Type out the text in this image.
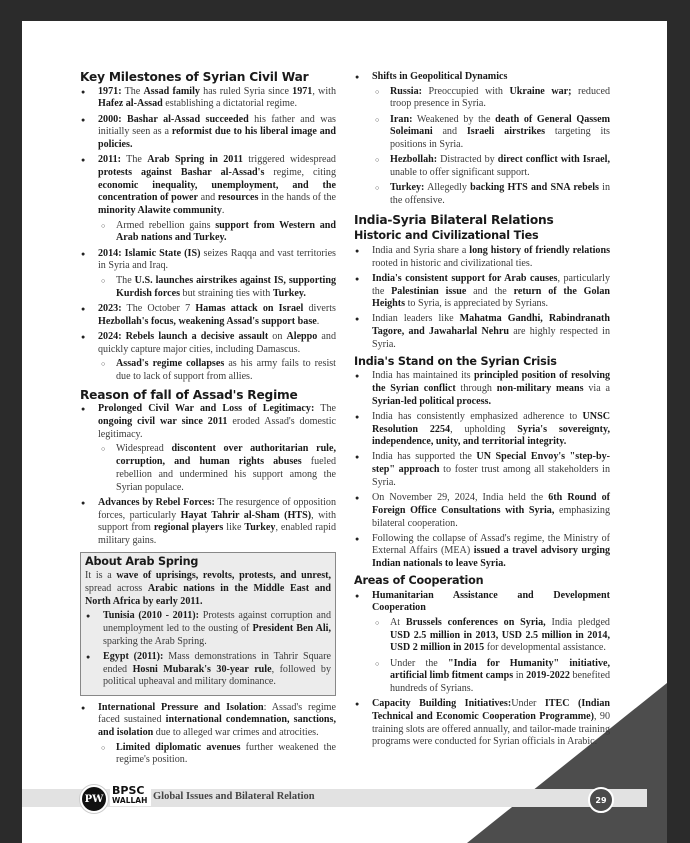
Key Milestones of Syrian Civil War
● 1971: The Assad family has ruled Syria since 1971, with Hafez al-Assad establishing a dictatorial regime.
● 2000: Bashar al-Assad succeeded his father and was initially seen as a reformist due to his liberal image and policies.
● 2011: The Arab Spring in 2011 triggered widespread protests against Bashar al-Assad's regime, citing economic inequality, unemployment, and the concentration of power and resources in the hands of the minority Alawite community.
○ Armed rebellion gains support from Western and Arab nations and Turkey.
● 2014: Islamic State (IS) seizes Raqqa and vast territories in Syria and Iraq.
○ The U.S. launches airstrikes against IS, supporting Kurdish forces but straining ties with Turkey.
● 2023: The October 7 Hamas attack on Israel diverts Hezbollah's focus, weakening Assad's support base.
● 2024: Rebels launch a decisive assault on Aleppo and quickly capture major cities, including Damascus.
○ Assad's regime collapses as his army fails to resist due to lack of support from allies.
Reason of fall of Assad's Regime
● Prolonged Civil War and Loss of Legitimacy: The ongoing civil war since 2011 eroded Assad's domestic legitimacy.
○ Widespread discontent over authoritarian rule, corruption, and human rights abuses fueled rebellion and undermined his support among the Syrian populace.
● Advances by Rebel Forces: The resurgence of opposition forces, particularly Hayat Tahrir al-Sham (HTS), with support from regional players like Turkey, enabled rapid military gains.
About Arab Spring

It is a wave of uprisings, revolts, protests, and unrest, spread across Arabic nations in the Middle East and North Africa by early 2011.

● Tunisia (2010 - 2011): Protests against corruption and unemployment led to the ousting of President Ben Ali, sparking the Arab Spring.
● Egypt (2011): Mass demonstrations in Tahrir Square ended Hosni Mubarak's 30-year rule, followed by political upheaval and military dominance.
● International Pressure and Isolation: Assad's regime faced sustained international condemnation, sanctions, and isolation due to alleged war crimes and atrocities.
○ Limited diplomatic avenues further weakened the regime's position.
● Shifts in Geopolitical Dynamics
○ Russia: Preoccupied with Ukraine war; reduced troop presence in Syria.
○ Iran: Weakened by the death of General Qassem Soleimani and Israeli airstrikes targeting its positions in Syria.
○ Hezbollah: Distracted by direct conflict with Israel, unable to offer significant support.
○ Turkey: Allegedly backing HTS and SNA rebels in the offensive.
India-Syria Bilateral Relations
Historic and Civilizational Ties
● India and Syria share a long history of friendly relations rooted in historic and civilizational ties.
● India's consistent support for Arab causes, particularly the Palestinian issue and the return of the Golan Heights to Syria, is appreciated by Syrians.
● Indian leaders like Mahatma Gandhi, Rabindranath Tagore, and Jawaharlal Nehru are highly respected in Syria.
India's Stand on the Syrian Crisis
● India has maintained its principled position of resolving the Syrian conflict through non-military means via a Syrian-led political process.
● India has consistently emphasized adherence to UNSC Resolution 2254, upholding Syria's sovereignty, independence, unity, and territorial integrity.
● India has supported the UN Special Envoy's "step-by-step" approach to foster trust among all stakeholders in Syria.
● On November 29, 2024, India held the 6th Round of Foreign Office Consultations with Syria, emphasizing bilateral cooperation.
● Following the collapse of Assad's regime, the Ministry of External Affairs (MEA) issued a travel advisory urging Indian nationals to leave Syria.
Areas of Cooperation
● Humanitarian Assistance and Development Cooperation
○ At Brussels conferences on Syria, India pledged USD 2.5 million in 2013, USD 2.5 million in 2014, USD 2 million in 2015 for developmental assistance.
○ Under the "India for Humanity" initiative, artificial limb fitment camps in 2019-2022 benefited hundreds of Syrians.
● Capacity Building Initiatives:Under ITEC (Indian Technical and Economic Cooperation Programme), 90 training slots are offered annually, and tailor-made training programs were conducted for Syrian officials in Arabic.
PW
BPSC
WALLAH Global Issues and Bilateral Relation	29
